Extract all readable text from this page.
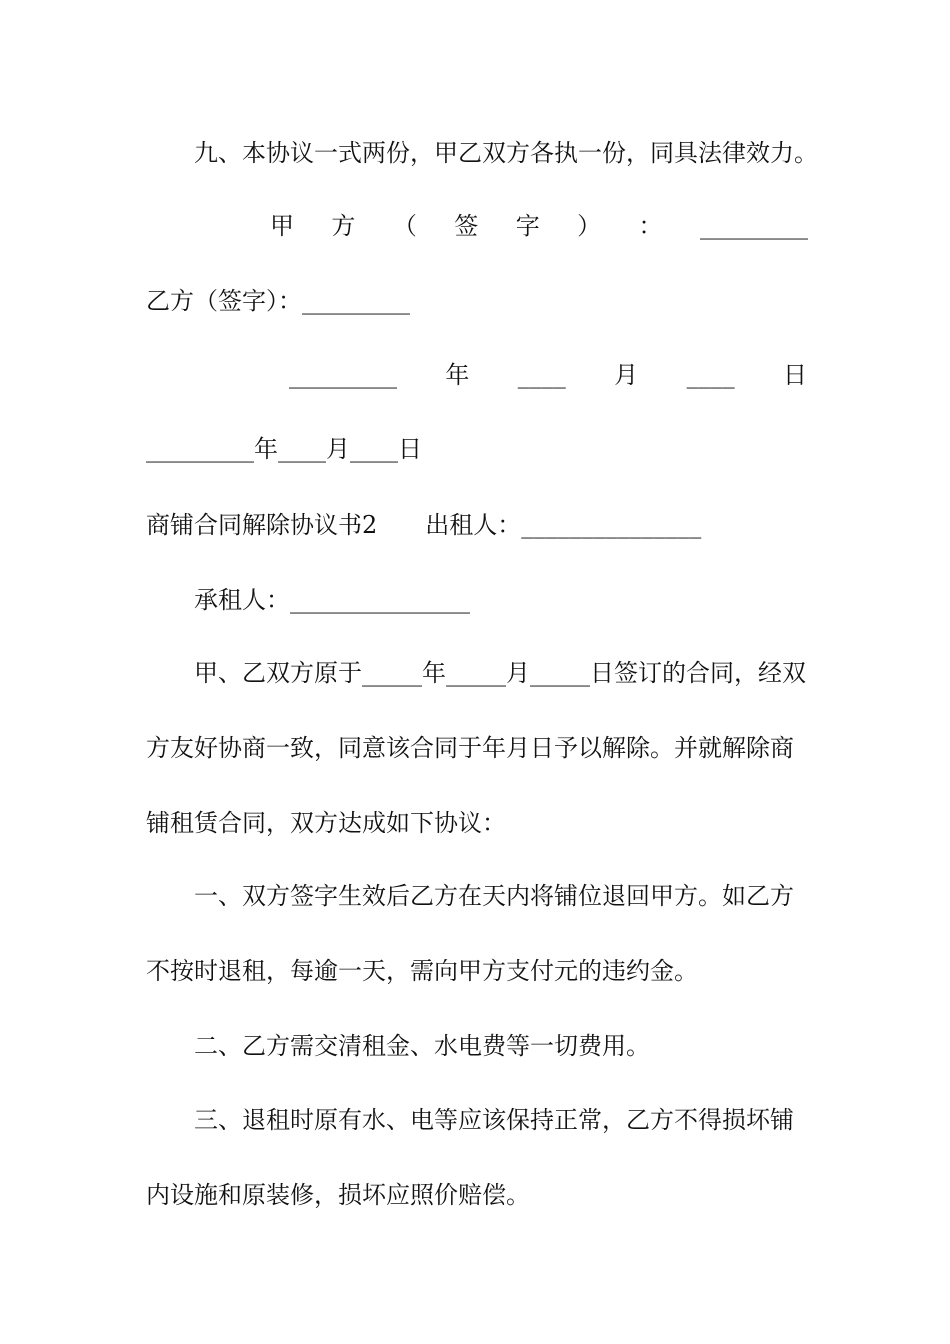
九、本协议一式两份，甲乙双方各执一份，同具法律效力。
甲 方 （ 签 字 ） ： _________
乙方（签字）：_________
_________ 年 ____ 月 ____ 日
_________年____月____日
商铺合同解除协议书2　　出租人：_______________
承租人：_______________
甲、乙双方原于_____年_____月_____日签订的合同，经双
方友好协商一致，同意该合同于年月日予以解除。并就解除商
铺租赁合同，双方达成如下协议：
一、双方签字生效后乙方在天内将铺位退回甲方。如乙方
不按时退租，每逾一天，需向甲方支付元的违约金。
二、乙方需交清租金、水电费等一切费用。
三、退租时原有水、电等应该保持正常，乙方不得损坏铺
内设施和原装修，损坏应照价赔偿。
